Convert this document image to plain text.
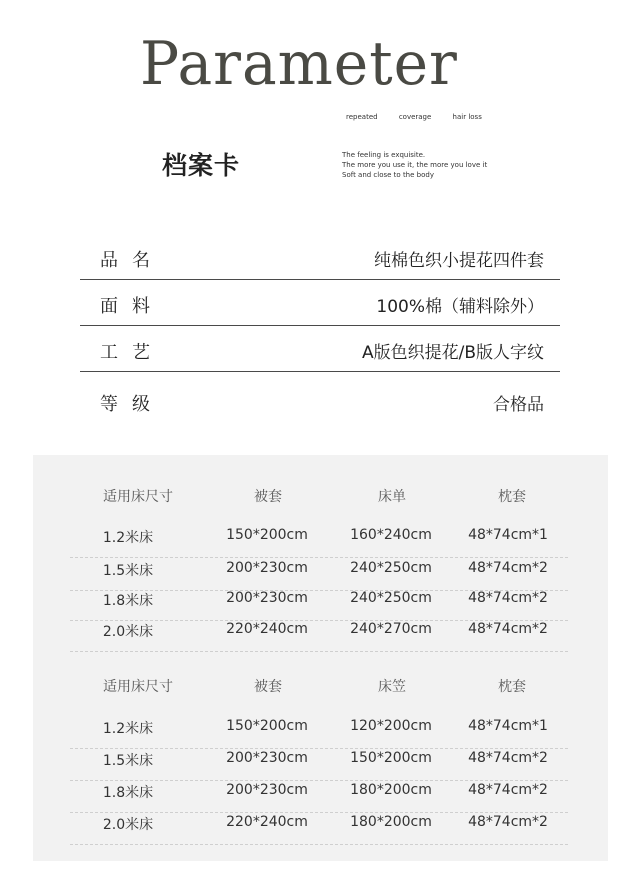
Parameter
repeated	coverage	hair loss
档案卡	The feeling is exquisite.
The more you use it, the more you love it
Soft and close to the body
品名	纯棉色织小提花四件套
面料	100%棉（辅料除外）
工艺	A版色织提花/B版人字纹
等级	合格品
适用床尺寸	被套	床单	枕套
1.2米床	150*200cm	160*240cm	48*74cm*1
1.5米床	200*230cm	240*250cm	48*74cm*2
1.8米床	200*230cm	240*250cm	48*74cm*2
2.0米床	220*240cm	240*270cm	48*74cm*2
适用床尺寸	被套	床笠	枕套
1.2米床	150*200cm	120*200cm	48*74cm*1
1.5米床	200*230cm	150*200cm	48*74cm*2
1.8米床	200*230cm	180*200cm	48*74cm*2
2.0米床	220*240cm	180*200cm	48*74cm*2
